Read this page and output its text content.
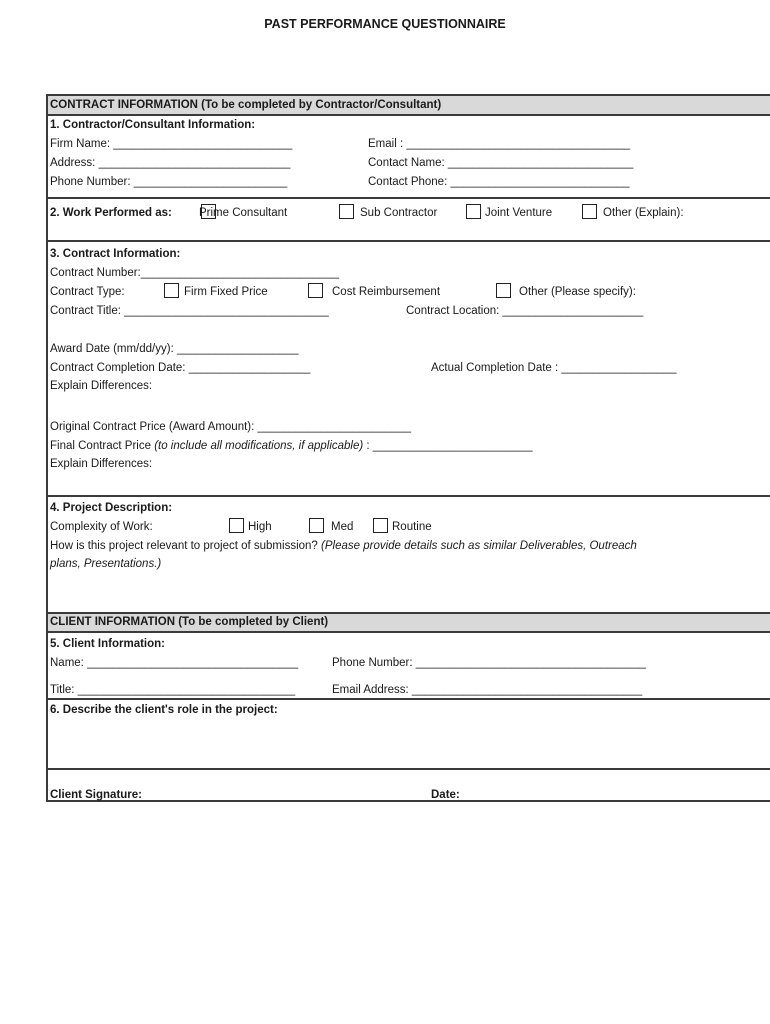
PAST PERFORMANCE QUESTIONNAIRE
CONTRACT INFORMATION (To be completed by Contractor/Consultant)
1. Contractor/Consultant Information:
Firm Name: ____________________________	Email : ___________________________________
Address: ______________________________	Contact Name: _____________________________
Phone Number: ________________________	Contact Phone: ____________________________
2. Work Performed as: Prime Consultant	Sub Contractor	Joint Venture	Other (Explain):
3. Contract Information:
Contract Number:_______________________________
Contract Type:	Firm Fixed Price	Cost Reimbursement	Other (Please specify):
Contract Title: ________________________________	Contract Location: ______________________
Award Date (mm/dd/yy): ___________________
Contract Completion Date: ___________________	Actual Completion Date : __________________
Explain Differences:
Original Contract Price (Award Amount): ________________________
Final Contract Price (to include all modifications, if applicable) : _________________________
Explain Differences:
4. Project Description:
Complexity of Work:	High	Med	Routine
How is this project relevant to project of submission? (Please provide details such as similar Deliverables, Outreach
plans, Presentations.)
CLIENT INFORMATION (To be completed by Client)
5. Client Information:
Name: _________________________________	Phone Number: ____________________________________
Title: __________________________________	Email Address: ____________________________________
6. Describe the client's role in the project:
Client Signature:	Date:
